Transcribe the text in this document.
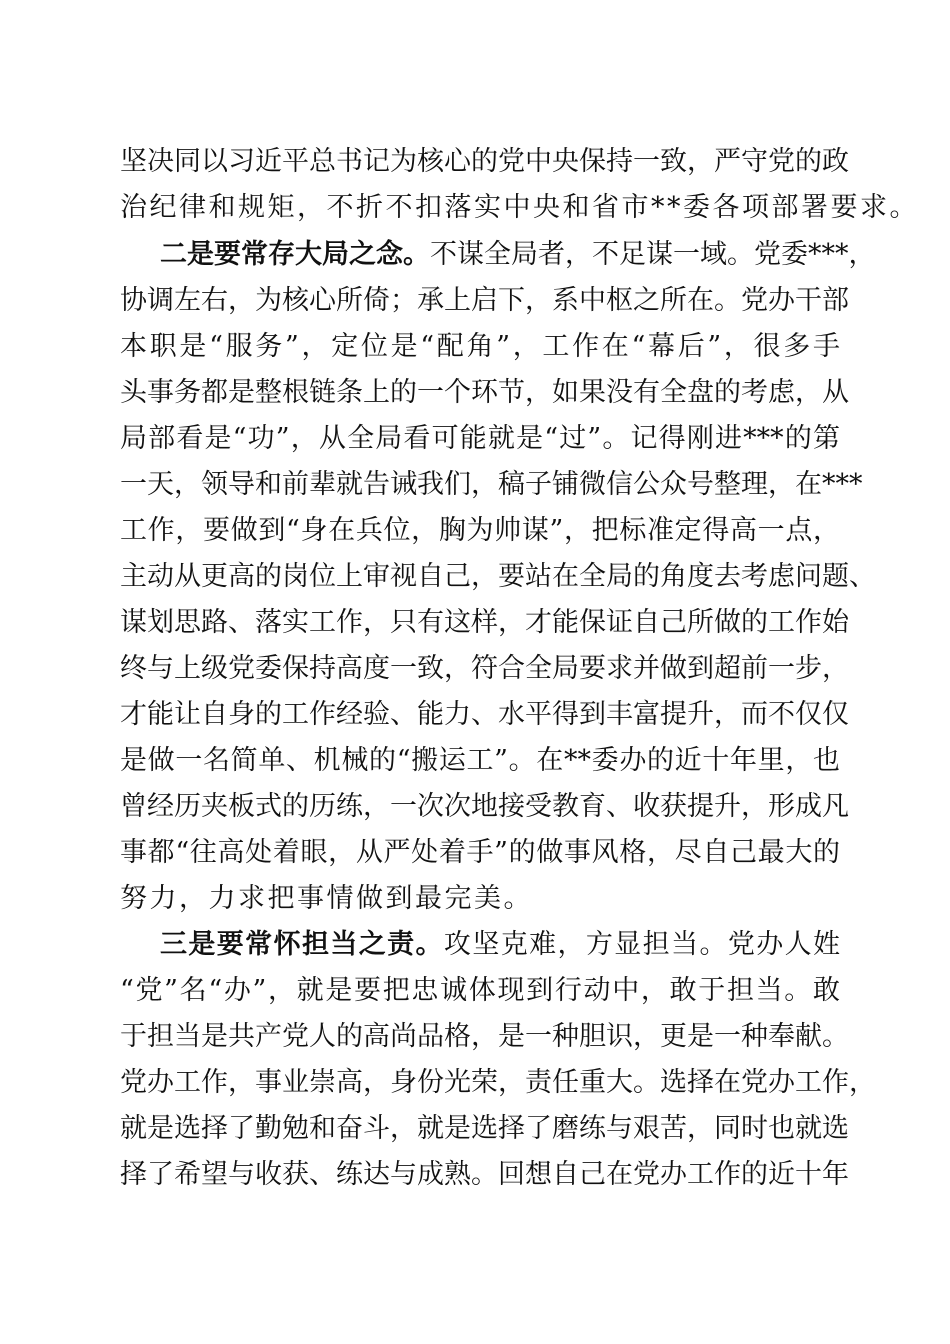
坚决同以习近平总书记为核心的党中央保持一致，严守党的政
治纪律和规矩，不折不扣落实中央和省市**委各项部署要求。
二是要常存大局之念。不谋全局者，不足谋一域。党委***，
协调左右，为核心所倚；承上启下，系中枢之所在。党办干部
本职是“服务”，定位是“配角”，工作在“幕后”，很多手
头事务都是整根链条上的一个环节，如果没有全盘的考虑，从
局部看是“功”，从全局看可能就是“过”。记得刚进***的第
一天，领导和前辈就告诫我们，稿子铺微信公众号整理，在***
工作，要做到“身在兵位，胸为帅谋”，把标准定得高一点，
主动从更高的岗位上审视自己，要站在全局的角度去考虑问题、
谋划思路、落实工作，只有这样，才能保证自己所做的工作始
终与上级党委保持高度一致，符合全局要求并做到超前一步，
才能让自身的工作经验、能力、水平得到丰富提升，而不仅仅
是做一名简单、机械的“搬运工”。在**委办的近十年里，也
曾经历夹板式的历练，一次次地接受教育、收获提升，形成凡
事都“往高处着眼，从严处着手”的做事风格，尽自己最大的
努力，力求把事情做到最完美。
三是要常怀担当之责。攻坚克难，方显担当。党办人姓
“党”名“办”，就是要把忠诚体现到行动中，敢于担当。敢
于担当是共产党人的高尚品格，是一种胆识，更是一种奉献。
党办工作，事业崇高，身份光荣，责任重大。选择在党办工作，
就是选择了勤勉和奋斗，就是选择了磨练与艰苦，同时也就选
择了希望与收获、练达与成熟。回想自己在党办工作的近十年
